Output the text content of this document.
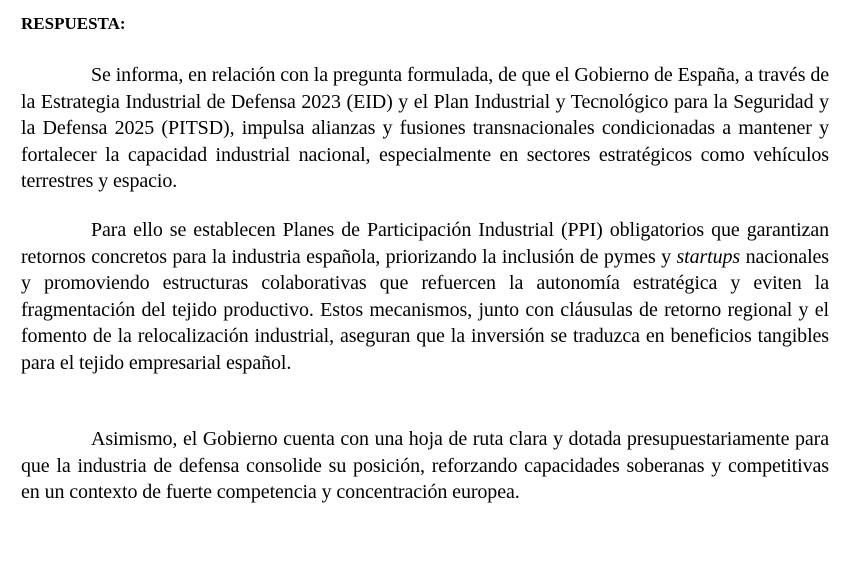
RESPUESTA:

Se informa, en relación con la pregunta formulada, de que el Gobierno de España, a través de la Estrategia Industrial de Defensa 2023 (EID) y el Plan Industrial y Tecnológico para la Seguridad y la Defensa 2025 (PITSD), impulsa alianzas y fusiones transnacionales condicionadas a mantener y fortalecer la capacidad industrial nacional, especialmente en sectores estratégicos como vehículos terrestres y espacio.

Para ello se establecen Planes de Participación Industrial (PPI) obligatorios que garantizan retornos concretos para la industria española, priorizando la inclusión de pymes y startups nacionales y promoviendo estructuras colaborativas que refuercen la autonomía estratégica y eviten la fragmentación del tejido productivo. Estos mecanismos, junto con cláusulas de retorno regional y el fomento de la relocalización industrial, aseguran que la inversión se traduzca en beneficios tangibles para el tejido empresarial español.

Asimismo, el Gobierno cuenta con una hoja de ruta clara y dotada presupuestariamente para que la industria de defensa consolide su posición, reforzando capacidades soberanas y competitivas en un contexto de fuerte competencia y concentración europea.
